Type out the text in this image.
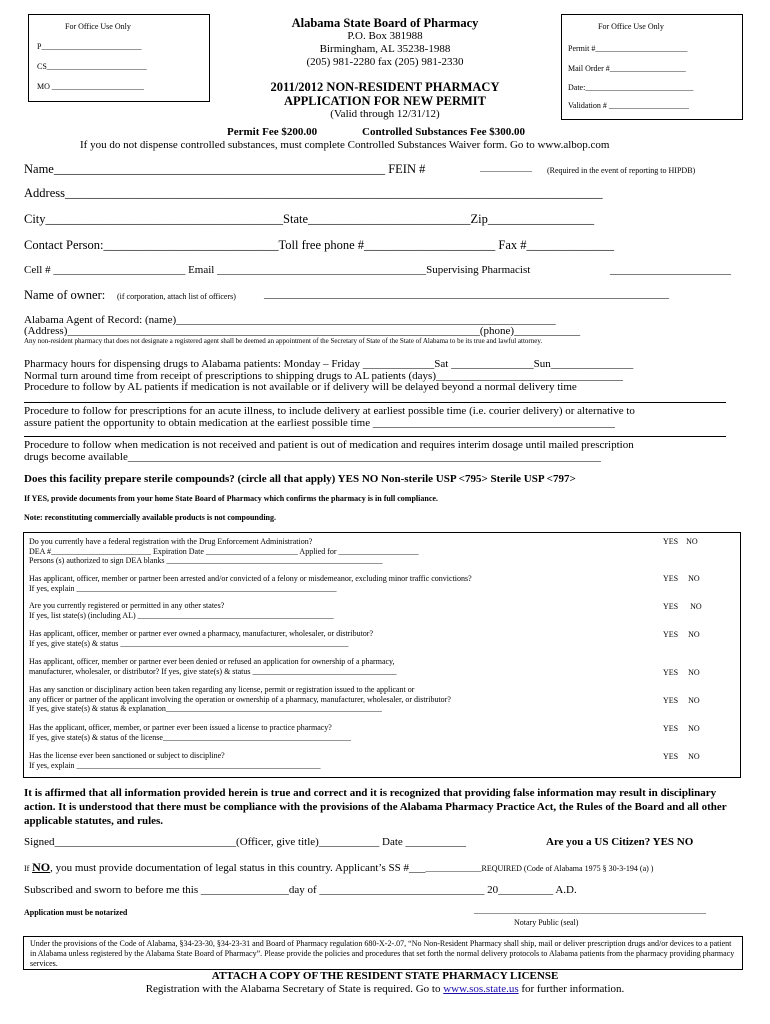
For Office Use Only
P_________________________
CS_________________________
MO _______________________
For Office Use Only
Permit #_______________________
Mail Order #___________________
Date:___________________________
Validation # ____________________
Alabama State Board of Pharmacy
P.O. Box 381988
Birmingham, AL 35238-1988
(205) 981-2280 fax (205) 981-2330
2011/2012 NON-RESIDENT PHARMACY
APPLICATION FOR NEW PERMIT
(Valid through 12/31/12)
Permit Fee $200.00	Controlled Substances Fee $300.00
If you do not dispense controlled substances, must complete Controlled Substances Waiver form. Go to www.albop.com
Name_____________________________________________________ FEIN #	_____________ (Required in the event of reporting to HIPDB)
Address______________________________________________________________________________________
City______________________________________State__________________________Zip_________________
Contact Person:____________________________Toll free phone #_____________________ Fax #______________
Cell # ________________________ Email ______________________________________Supervising Pharmacist	______________________
Name of owner: (if corporation, attach list of officers)	_________________________________________________________________________________
Alabama Agent of Record: (name)_____________________________________________________________________
(Address)___________________________________________________________________________(phone)____________
Any non-resident pharmacy that does not designate a registered agent shall be deemed an appointment of the Secretary of State of the State of Alabama to be its true and lawful attorney.
Pharmacy hours for dispensing drugs to Alabama patients: Monday – Friday _____________Sat _______________Sun_______________
Normal turn around time from receipt of prescriptions to shipping drugs to AL patients (days)__________________________________
Procedure to follow by AL patients if medication is not available or if delivery will be delayed beyond a normal delivery time
Procedure to follow for prescriptions for an acute illness, to include delivery at earliest possible time (i.e. courier delivery) or alternative to
assure patient the opportunity to obtain medication at the earliest possible time ____________________________________________
Procedure to follow when medication is not received and patient is out of medication and requires interim dosage until mailed prescription
drugs become available______________________________________________________________________________________
Does this facility prepare sterile compounds? (circle all that apply) YES NO Non-sterile USP <795> Sterile USP <797>
If YES, provide documents from your home State Board of Pharmacy which confirms the pharmacy is in full compliance.
Note: reconstituting commercially available products is not compounding.
Do you currently have a federal registration with the Drug Enforcement Administration?
DEA #_________________________ Expiration Date _______________________ Applied for ____________________
Persons (s) authorized to sign DEA blanks ______________________________________________________
YES    NO
Has applicant, officer, member or partner been arrested and/or convicted of a felony or misdemeanor, excluding minor traffic convictions?
If yes, explain _________________________________________________________________
YES     NO
Are you currently registered or permitted in any other states?
If yes, list state(s) (including AL) _________________________________________________
YES      NO
Has applicant, officer, member or partner ever owned a pharmacy, manufacturer, wholesaler, or distributor?
If yes, give state(s) & status _________________________________________________________
YES     NO
Has applicant, officer, member or partner ever been denied or refused an application for ownership of a pharmacy,
manufacturer, wholesaler, or distributor? If yes, give state(s) & status ____________________________________	YES     NO
Has any sanction or disciplinary action been taken regarding any license, permit or registration issued to the applicant or
any officer or partner of the applicant involving the operation or ownership of a pharmacy, manufacturer, wholesaler, or distributor?
If yes, give state(s) & status & explanation______________________________________________________
YES     NO
Has the applicant, officer, member, or partner ever been issued a license to practice pharmacy?
If yes, give state(s) & status of the license_______________________________________________
YES     NO
Has the license ever been sanctioned or subject to discipline?
If yes, explain _____________________________________________________________
YES     NO
It is affirmed that all information provided herein is true and correct and it is recognized that providing false information may result in disciplinary action. It is understood that there must be compliance with the provisions of the Alabama Pharmacy Practice Act, the Rules of the Board and all other applicable statutes, and rules.
Signed_________________________________(Officer, give title)___________ Date ___________	Are you a US Citizen? YES NO
If NO, you must provide documentation of legal status in this country. Applicant’s SS #_________________REQUIRED (Code of Alabama 1975 § 30-3-194 (a) )
Subscribed and sworn to before me this ________________day of ______________________________ 20__________ A.D.
Application must be notarized	__________________________________________________________
Notary Public (seal)
Under the provisions of the Code of Alabama, §34-23-30, §34-23-31 and Board of Pharmacy regulation 680-X-2-.07, “No Non-Resident Pharmacy shall ship, mail or deliver prescription drugs and/or devices to a patient in Alabama unless registered by the Alabama State Board of Pharmacy”. Please provide the policies and procedures that set forth the normal delivery protocols to Alabama patients from the pharmacy providing pharmacy services.
ATTACH A COPY OF THE RESIDENT STATE PHARMACY LICENSE
Registration with the Alabama Secretary of State is required. Go to www.sos.state.us for further information.
